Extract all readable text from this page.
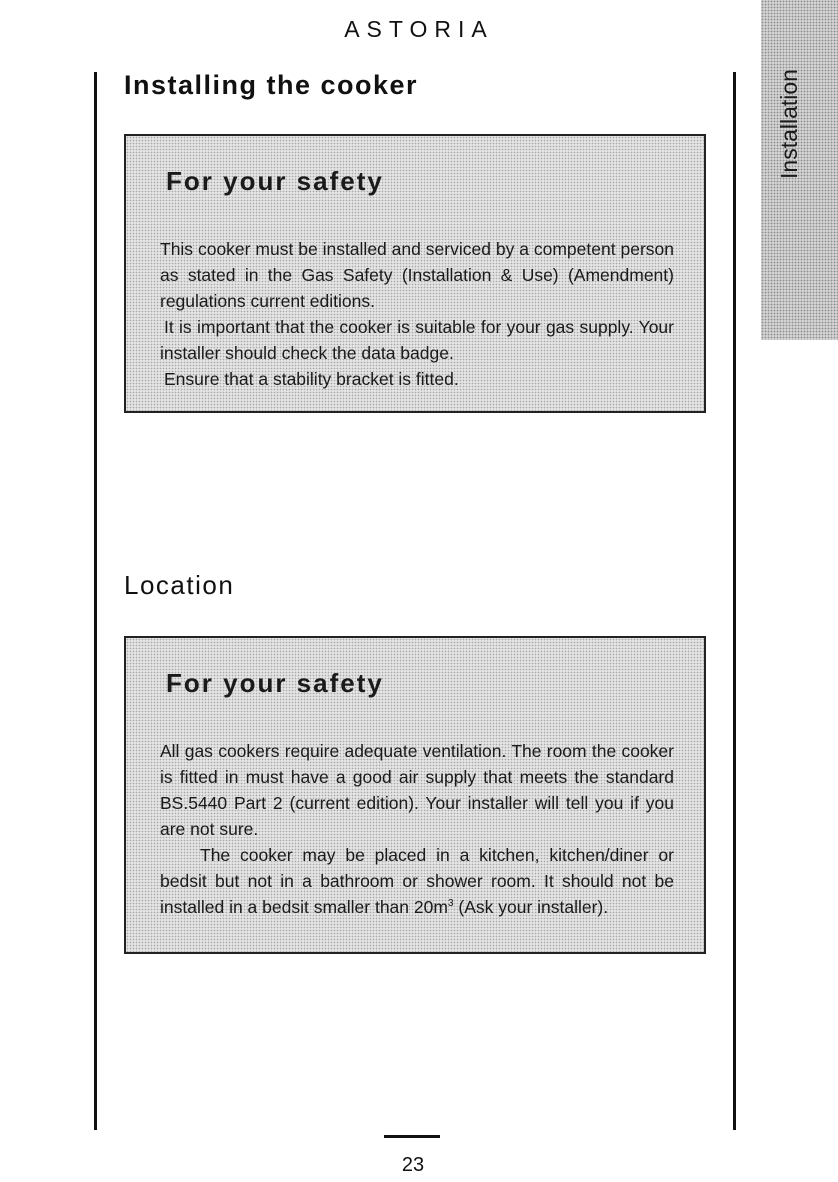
ASTORIA
Installation
Installing the cooker
For your safety

This cooker must be installed and serviced by a competent person as stated in the Gas Safety (Installation & Use) (Amendment) regulations current editions.

It is important that the cooker is suitable for your gas supply. Your installer should check the data badge.

Ensure that a stability bracket is fitted.

Location
For your safety

All gas cookers require adequate ventilation. The room the cooker is fitted in must have a good air supply that meets the standard BS.5440 Part 2 (current edition). Your installer will tell you if you are not sure.

The cooker may be placed in a kitchen, kitchen/diner or bedsit but not in a bathroom or shower room. It should not be installed in a bedsit smaller than $20m^3$ (Ask your installer).

23
